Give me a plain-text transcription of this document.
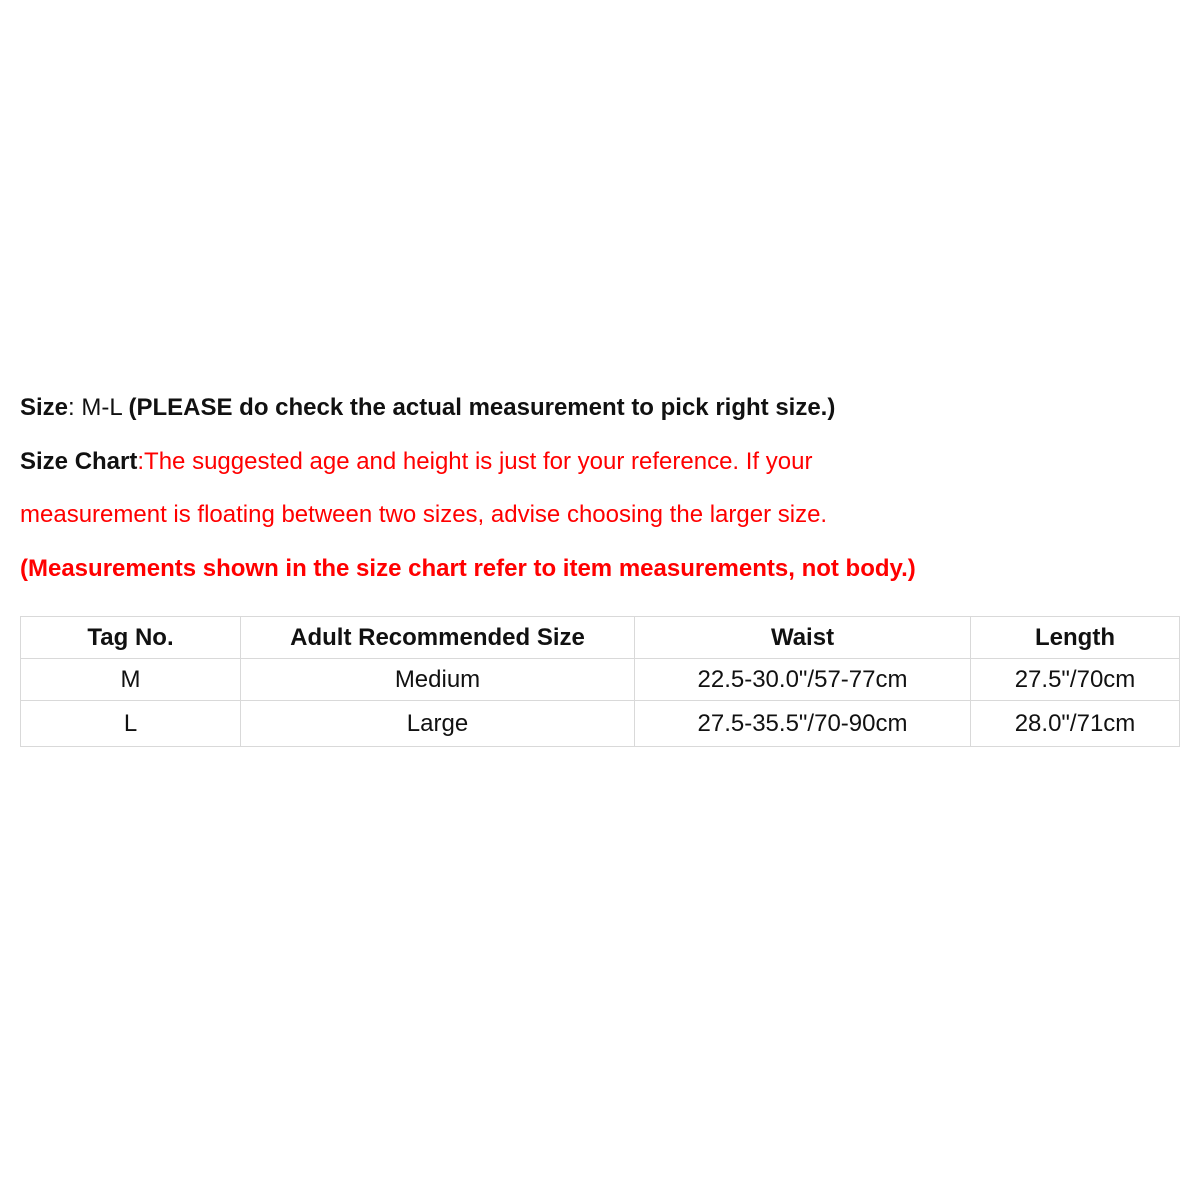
Size: M-L (PLEASE do check the actual measurement to pick right size.)

Size Chart:The suggested age and height is just for your reference. If your

measurement is floating between two sizes, advise choosing the larger size.

(Measurements shown in the size chart refer to item measurements, not body.)

Tag No.	Adult Recommended Size	Waist	Length
M	Medium	22.5-30.0"/57-77cm	27.5"/70cm
L	Large	27.5-35.5"/70-90cm	28.0"/71cm
